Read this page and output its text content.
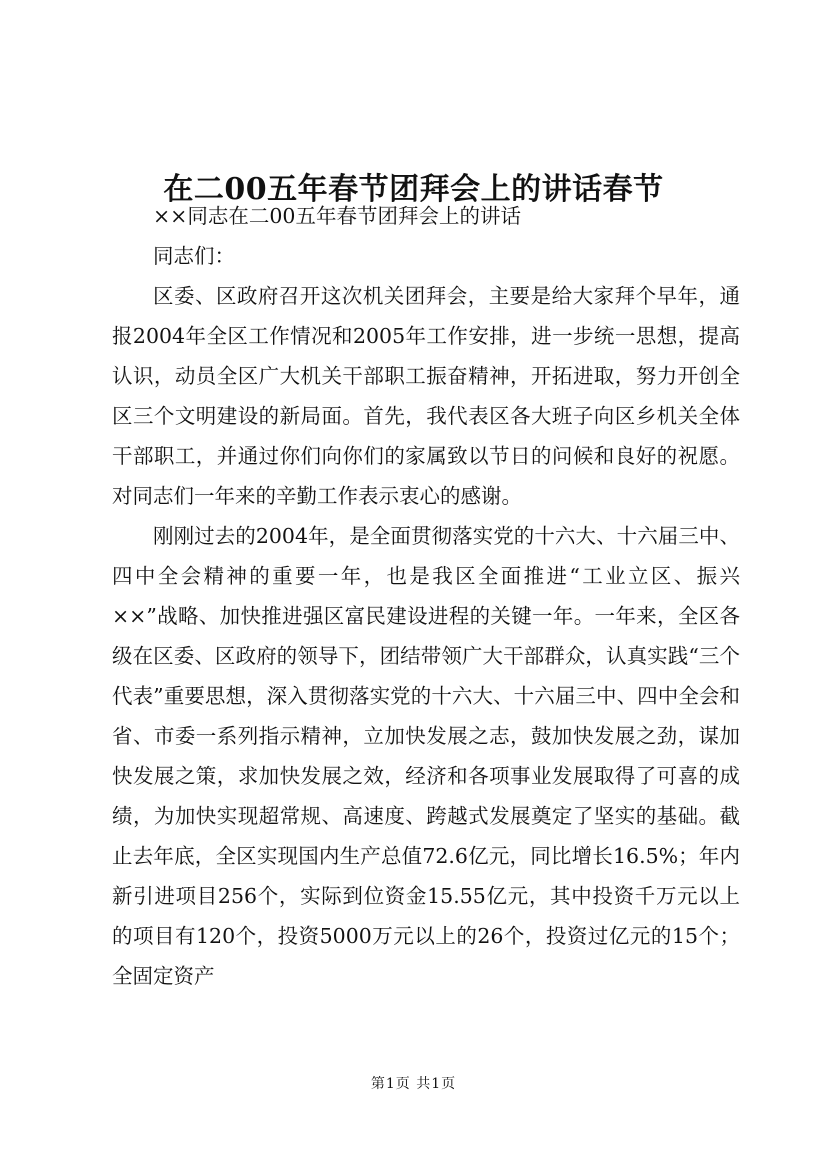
在二00五年春节团拜会上的讲话春节

××同志在二00五年春节团拜会上的讲话

同志们：

区委、区政府召开这次机关团拜会，主要是给大家拜个早年，通报2004年全区工作情况和2005年工作安排，进一步统一思想，提高认识，动员全区广大机关干部职工振奋精神，开拓进取，努力开创全区三个文明建设的新局面。首先，我代表区各大班子向区乡机关全体干部职工，并通过你们向你们的家属致以节日的问候和良好的祝愿。对同志们一年来的辛勤工作表示衷心的感谢。

刚刚过去的2004年，是全面贯彻落实党的十六大、十六届三中、四中全会精神的重要一年，也是我区全面推进“工业立区、振兴××”战略、加快推进强区富民建设进程的关键一年。一年来，全区各级在区委、区政府的领导下，团结带领广大干部群众，认真实践“三个代表”重要思想，深入贯彻落实党的十六大、十六届三中、四中全会和省、市委一系列指示精神，立加快发展之志，鼓加快发展之劲，谋加快发展之策，求加快发展之效，经济和各项事业发展取得了可喜的成绩，为加快实现超常规、高速度、跨越式发展奠定了坚实的基础。截止去年底，全区实现国内生产总值72.6亿元，同比增长16.5%；年内新引进项目256个，实际到位资金15.55亿元，其中投资千万元以上的项目有120个，投资5000万元以上的26个，投资过亿元的15个；全固定资产

第1页 共1页
